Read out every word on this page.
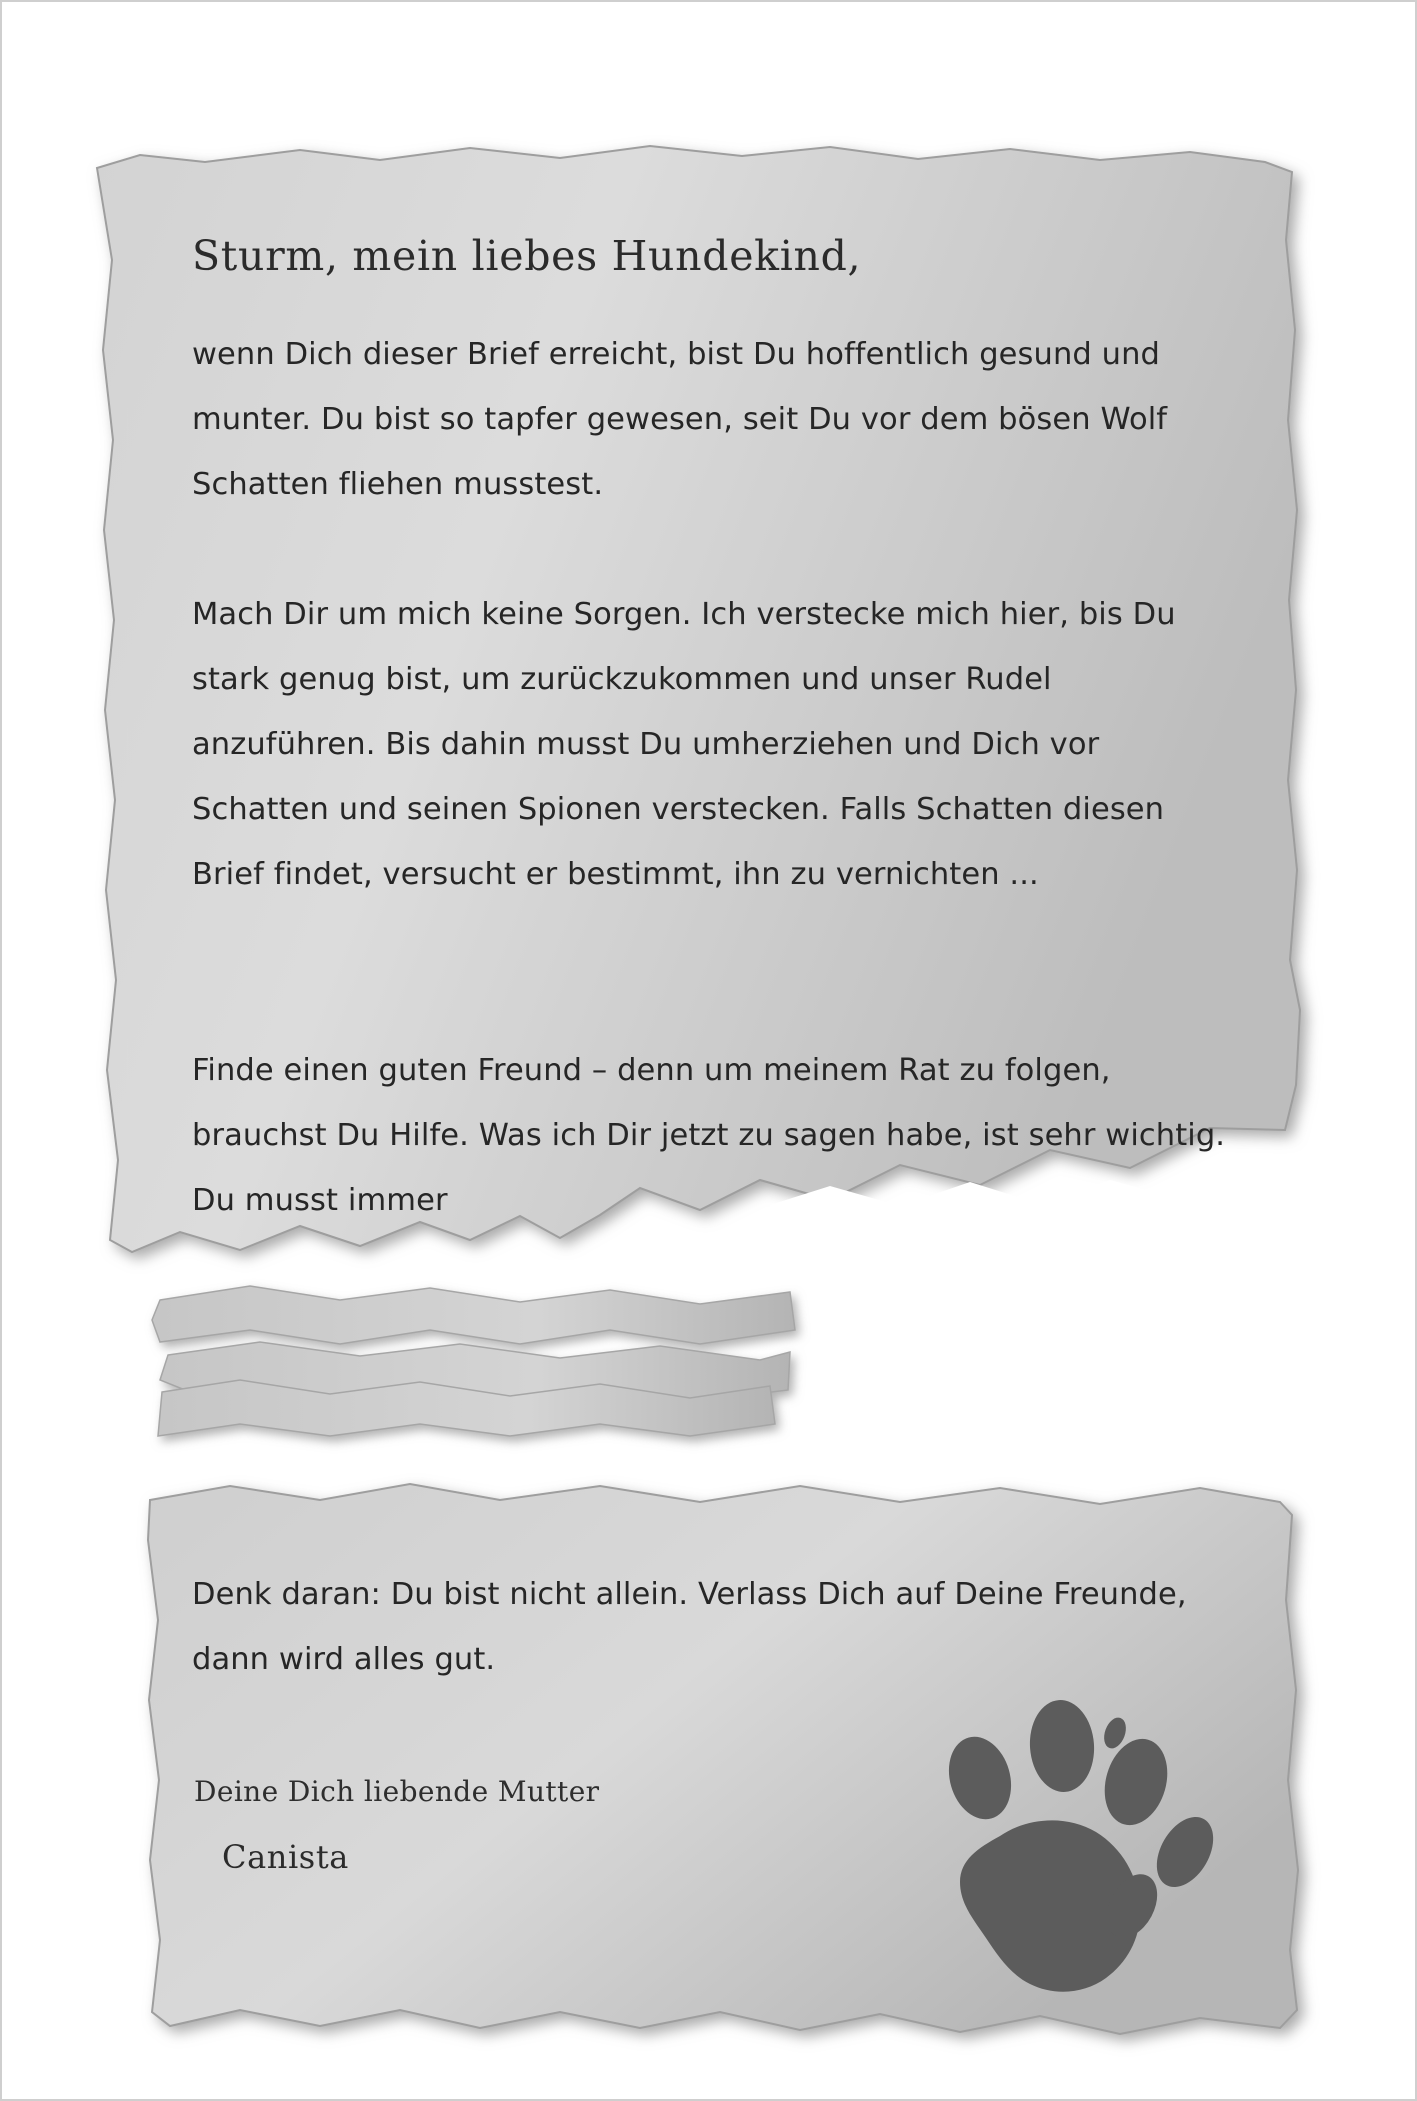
Sturm, mein liebes Hundekind,
wenn Dich dieser Brief erreicht, bist Du hoffentlich gesund und munter. Du bist so tapfer gewesen, seit Du vor dem bösen Wolf Schatten fliehen musstest.
Mach Dir um mich keine Sorgen. Ich verstecke mich hier, bis Du stark genug bist, um zurückzukommen und unser Rudel anzuführen. Bis dahin musst Du umherziehen und Dich vor Schatten und seinen Spionen verstecken. Falls Schatten diesen Brief findet, versucht er bestimmt, ihn zu vernichten ...
Finde einen guten Freund – denn um meinem Rat zu folgen, brauchst Du Hilfe. Was ich Dir jetzt zu sagen habe, ist sehr wichtig. Du musst immer
Denk daran: Du bist nicht allein. Verlass Dich auf Deine Freunde, dann wird alles gut.
Deine Dich liebende Mutter
Canista
